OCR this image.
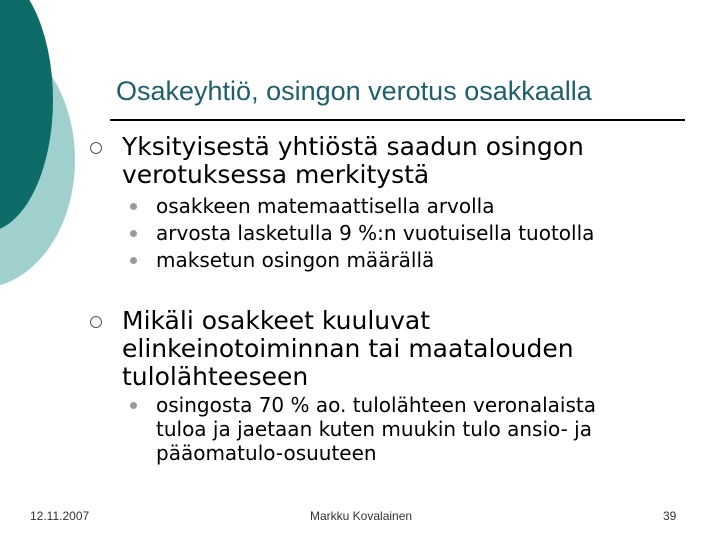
Osakeyhtiö, osingon verotus osakkaalla
Yksityisestä yhtiöstä saadun osingon
verotuksessa merkitystä
osakkeen matemaattisella arvolla
arvosta lasketulla 9 %:n vuotuisella tuotolla
maksetun osingon määrällä
Mikäli osakkeet kuuluvat
elinkeinotoiminnan tai maatalouden
tulolähteeseen
osingosta 70 % ao. tulolähteen veronalaista
tuloa ja jaetaan kuten muukin tulo ansio- ja
pääomatulo-osuuteen
12.11.2007	Markku Kovalainen	39
